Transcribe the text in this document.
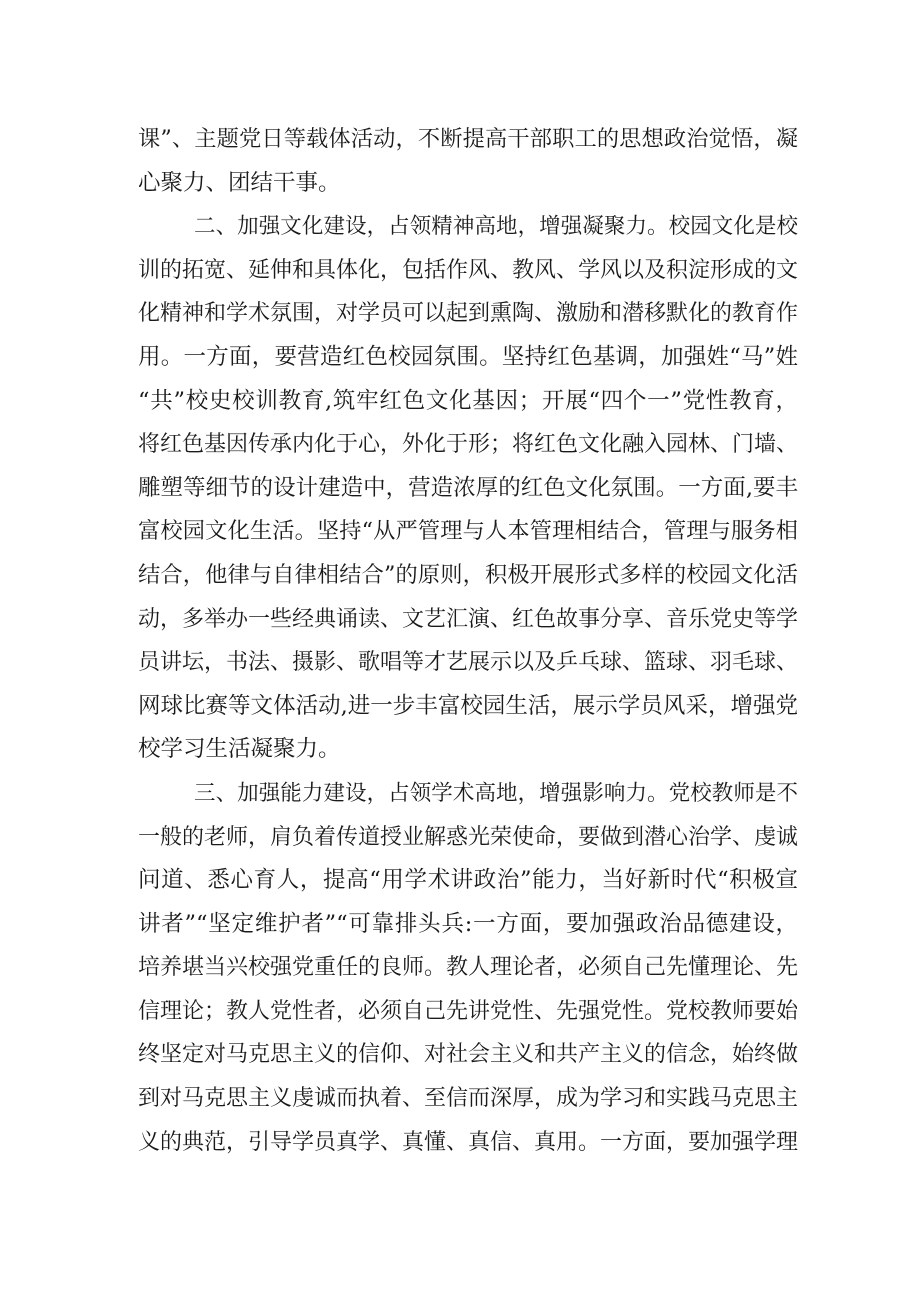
课”、主题党日等载体活动，不断提高干部职工的思想政治觉悟，凝
心聚力、团结干事。
二、加强文化建设，占领精神高地，增强凝聚力。校园文化是校
训的拓宽、延伸和具体化，包括作风、教风、学风以及积淀形成的文
化精神和学术氛围，对学员可以起到熏陶、激励和潜移默化的教育作
用。一方面，要营造红色校园氛围。坚持红色基调，加强姓“马”姓
“共”校史校训教育,筑牢红色文化基因；开展“四个一”党性教育，
将红色基因传承内化于心，外化于形；将红色文化融入园林、门墙、
雕塑等细节的设计建造中，营造浓厚的红色文化氛围。一方面,要丰
富校园文化生活。坚持“从严管理与人本管理相结合，管理与服务相
结合，他律与自律相结合”的原则，积极开展形式多样的校园文化活
动，多举办一些经典诵读、文艺汇演、红色故事分享、音乐党史等学
员讲坛，书法、摄影、歌唱等才艺展示以及乒乓球、篮球、羽毛球、
网球比赛等文体活动,进一步丰富校园生活，展示学员风采，增强党
校学习生活凝聚力。
三、加强能力建设，占领学术高地，增强影响力。党校教师是不
一般的老师，肩负着传道授业解惑光荣使命，要做到潜心治学、虔诚
问道、悉心育人，提高“用学术讲政治”能力，当好新时代“积极宣
讲者”“坚定维护者”“可靠排头兵:一方面，要加强政治品德建设，
培养堪当兴校强党重任的良师。教人理论者，必须自己先懂理论、先
信理论；教人党性者，必须自己先讲党性、先强党性。党校教师要始
终坚定对马克思主义的信仰、对社会主义和共产主义的信念，始终做
到对马克思主义虔诚而执着、至信而深厚，成为学习和实践马克思主
义的典范，引导学员真学、真懂、真信、真用。一方面，要加强学理
